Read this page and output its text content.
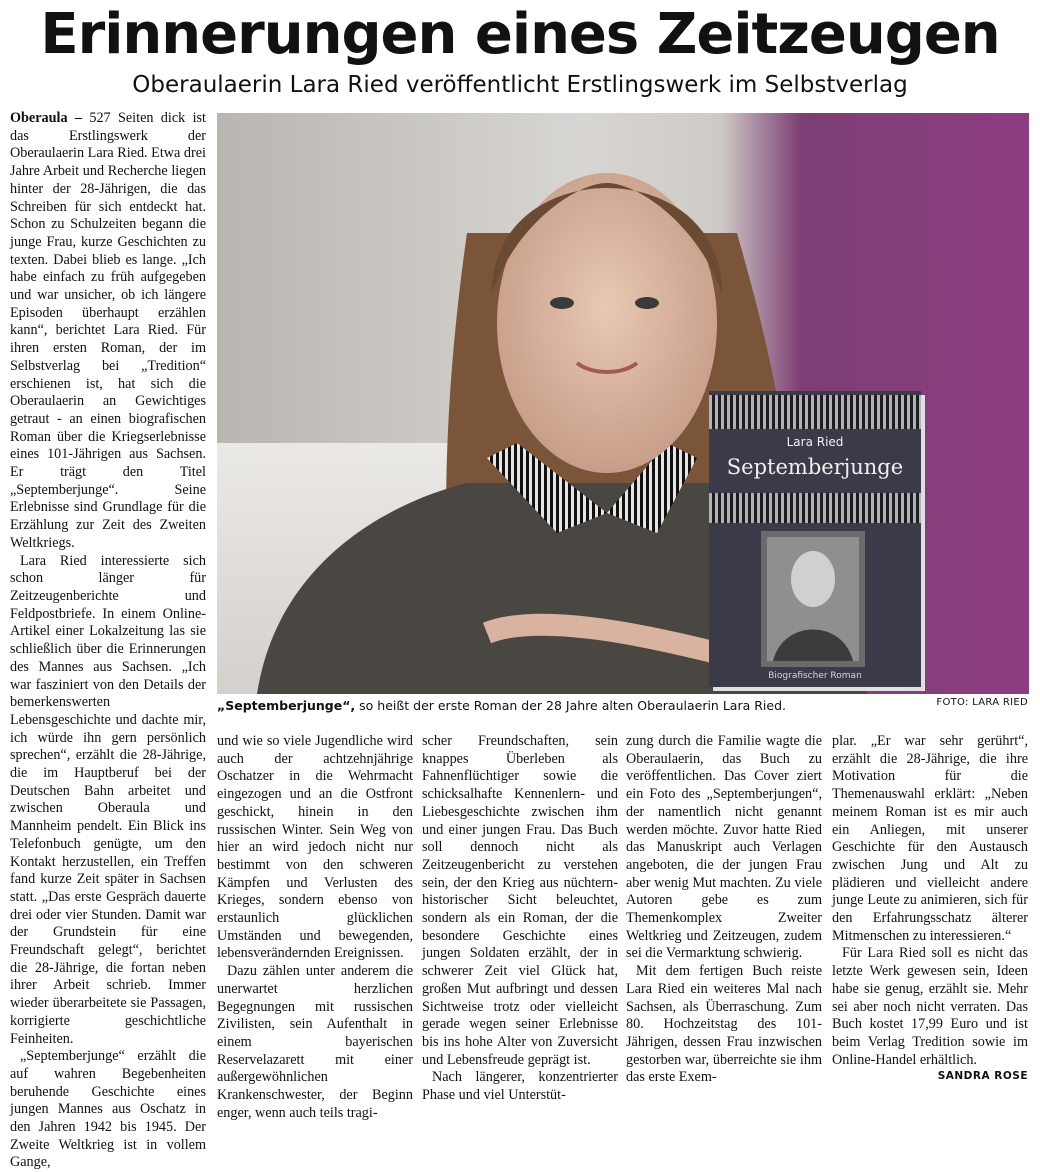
Erinnerungen eines Zeitzeugen
Oberaulaerin Lara Ried veröffentlicht Erstlingswerk im Selbstverlag

Oberaula – 527 Seiten dick ist das Erstlingswerk der Oberaulaerin Lara Ried. Etwa drei Jahre Arbeit und Recherche liegen hinter der 28-Jährigen, die das Schreiben für sich entdeckt hat. Schon zu Schulzeiten begann die junge Frau, kurze Geschichten zu texten. Dabei blieb es lange. „Ich habe einfach zu früh aufgegeben und war unsicher, ob ich längere Episoden überhaupt erzählen kann“, berichtet Lara Ried. Für ihren ersten Roman, der im Selbstverlag bei „Tredition“ erschienen ist, hat sich die Oberaulaerin an Gewichtiges getraut - an einen biografischen Roman über die Kriegserlebnisse eines 101-Jährigen aus Sachsen. Er trägt den Titel „Septemberjunge“. Seine Erlebnisse sind Grundlage für die Erzählung zur Zeit des Zweiten Weltkriegs.

Lara Ried interessierte sich schon länger für Zeitzeugenberichte und Feldpostbriefe. In einem Online-Artikel einer Lokalzeitung las sie schließlich über die Erinnerungen des Mannes aus Sachsen. „Ich war fasziniert von den Details der bemerkenswerten Lebensgeschichte und dachte mir, ich würde ihn gern persönlich sprechen“, erzählt die 28-Jährige, die im Hauptberuf bei der Deutschen Bahn arbeitet und zwischen Oberaula und Mannheim pendelt. Ein Blick ins Telefonbuch genügte, um den Kontakt herzustellen, ein Treffen fand kurze Zeit später in Sachsen statt. „Das erste Gespräch dauerte drei oder vier Stunden. Damit war der Grundstein für eine Freundschaft gelegt“, berichtet die 28-Jährige, die fortan neben ihrer Arbeit schrieb. Immer wieder überarbeitete sie Passagen, korrigierte geschichtliche Feinheiten.

„Septemberjunge“ erzählt die auf wahren Begebenheiten beruhende Geschichte eines jungen Mannes aus Oschatz in den Jahren 1942 bis 1945. Der Zweite Weltkrieg ist in vollem Gange,

Lara Ried
Septemberjunge
Biografischer Roman
„Septemberjunge“, so heißt der erste Roman der 28 Jahre alten Oberaulaerin Lara Ried.	FOTO: LARA RIED

und wie so viele Jugendliche wird auch der achtzehnjährige Oschatzer in die Wehrmacht eingezogen und an die Ostfront geschickt, hinein in den russischen Winter. Sein Weg von hier an wird jedoch nicht nur bestimmt von den schweren Kämpfen und Verlusten des Krieges, sondern ebenso von erstaunlich glücklichen Umständen und bewegenden, lebensverändernden Ereignissen.

Dazu zählen unter anderem die unerwartet herzlichen Begegnungen mit russischen Zivilisten, sein Aufenthalt in einem bayerischen Reservelazarett mit einer außergewöhnlichen Krankenschwester, der Beginn enger, wenn auch teils tragi-

scher Freundschaften, sein knappes Überleben als Fahnenflüchtiger sowie die schicksalhafte Kennenlern- und Liebesgeschichte zwischen ihm und einer jungen Frau. Das Buch soll dennoch nicht als Zeitzeugenbericht zu verstehen sein, der den Krieg aus nüchtern-historischer Sicht beleuchtet, sondern als ein Roman, der die besondere Geschichte eines jungen Soldaten erzählt, der in schwerer Zeit viel Glück hat, großen Mut aufbringt und dessen Sichtweise trotz oder vielleicht gerade wegen seiner Erlebnisse bis ins hohe Alter von Zuversicht und Lebensfreude geprägt ist.

Nach längerer, konzentrierter Phase und viel Unterstüt-

zung durch die Familie wagte die Oberaulaerin, das Buch zu veröffentlichen. Das Cover ziert ein Foto des „Septemberjungen“, der namentlich nicht genannt werden möchte. Zuvor hatte Ried das Manuskript auch Verlagen angeboten, die der jungen Frau aber wenig Mut machten. Zu viele Autoren gebe es zum Themenkomplex Zweiter Weltkrieg und Zeitzeugen, zudem sei die Vermarktung schwierig.

Mit dem fertigen Buch reiste Lara Ried ein weiteres Mal nach Sachsen, als Überraschung. Zum 80. Hochzeitstag des 101-Jährigen, dessen Frau inzwischen gestorben war, überreichte sie ihm das erste Exem-

plar. „Er war sehr gerührt“, erzählt die 28-Jährige, die ihre Motivation für die Themenauswahl erklärt: „Neben meinem Roman ist es mir auch ein Anliegen, mit unserer Geschichte für den Austausch zwischen Jung und Alt zu plädieren und vielleicht andere junge Leute zu animieren, sich für den Erfahrungsschatz älterer Mitmenschen zu interessieren.“

Für Lara Ried soll es nicht das letzte Werk gewesen sein, Ideen habe sie genug, erzählt sie. Mehr sei aber noch nicht verraten. Das Buch kostet 17,99 Euro und ist beim Verlag Tredition sowie im Online-Handel erhältlich.

SANDRA ROSE
